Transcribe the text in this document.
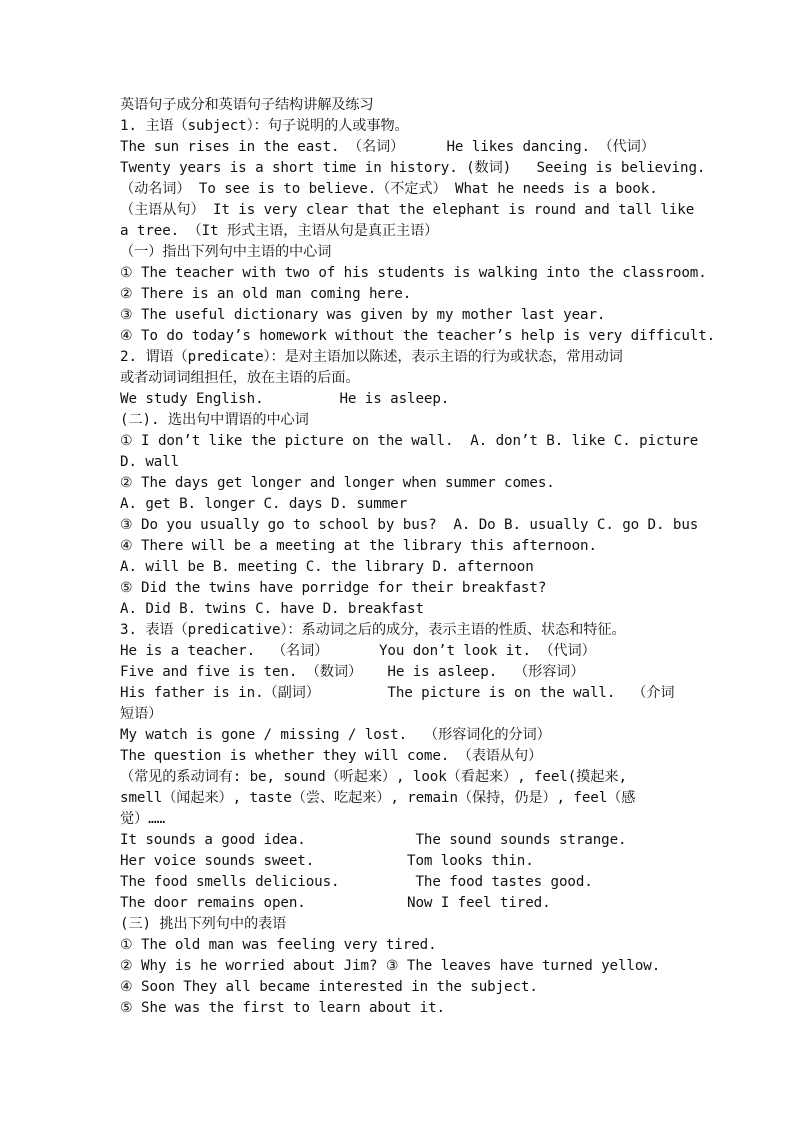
英语句子成分和英语句子结构讲解及练习
1. 主语（subject）：句子说明的人或事物。
The sun rises in the east. （名词）     He likes dancing. （代词）
Twenty years is a short time in history. (数词)   Seeing is believing.
（动名词） To see is to believe.（不定式） What he needs is a book.
（主语从句） It is very clear that the elephant is round and tall like
a tree. （It 形式主语，主语从句是真正主语）
（一）指出下列句中主语的中心词
① The teacher with two of his students is walking into the classroom.
② There is an old man coming here.
③ The useful dictionary was given by my mother last year.
④ To do today’s homework without the teacher’s help is very difficult.
2. 谓语（predicate）：是对主语加以陈述，表示主语的行为或状态，常用动词
或者动词词组担任，放在主语的后面。
We study English.         He is asleep.
(二). 选出句中谓语的中心词
① I don’t like the picture on the wall.  A. don’t B. like C. picture
D. wall
② The days get longer and longer when summer comes.
A. get B. longer C. days D. summer
③ Do you usually go to school by bus?  A. Do B. usually C. go D. bus
④ There will be a meeting at the library this afternoon.
A. will be B. meeting C. the library D. afternoon
⑤ Did the twins have porridge for their breakfast?
A. Did B. twins C. have D. breakfast
3. 表语（predicative）：系动词之后的成分，表示主语的性质、状态和特征。
He is a teacher.  （名词）      You don’t look it. （代词）
Five and five is ten. （数词）   He is asleep.  （形容词）
His father is in.（副词）        The picture is on the wall.  （介词
短语）
My watch is gone / missing / lost.  （形容词化的分词）
The question is whether they will come. （表语从句）
（常见的系动词有: be, sound（听起来）, look（看起来）, feel(摸起来,
smell（闻起来）, taste（尝、吃起来）, remain（保持，仍是）, feel（感
觉）……
It sounds a good idea.             The sound sounds strange.
Her voice sounds sweet.           Tom looks thin.
The food smells delicious.         The food tastes good.
The door remains open.            Now I feel tired.
(三) 挑出下列句中的表语
① The old man was feeling very tired.
② Why is he worried about Jim? ③ The leaves have turned yellow.
④ Soon They all became interested in the subject.
⑤ She was the first to learn about it.
